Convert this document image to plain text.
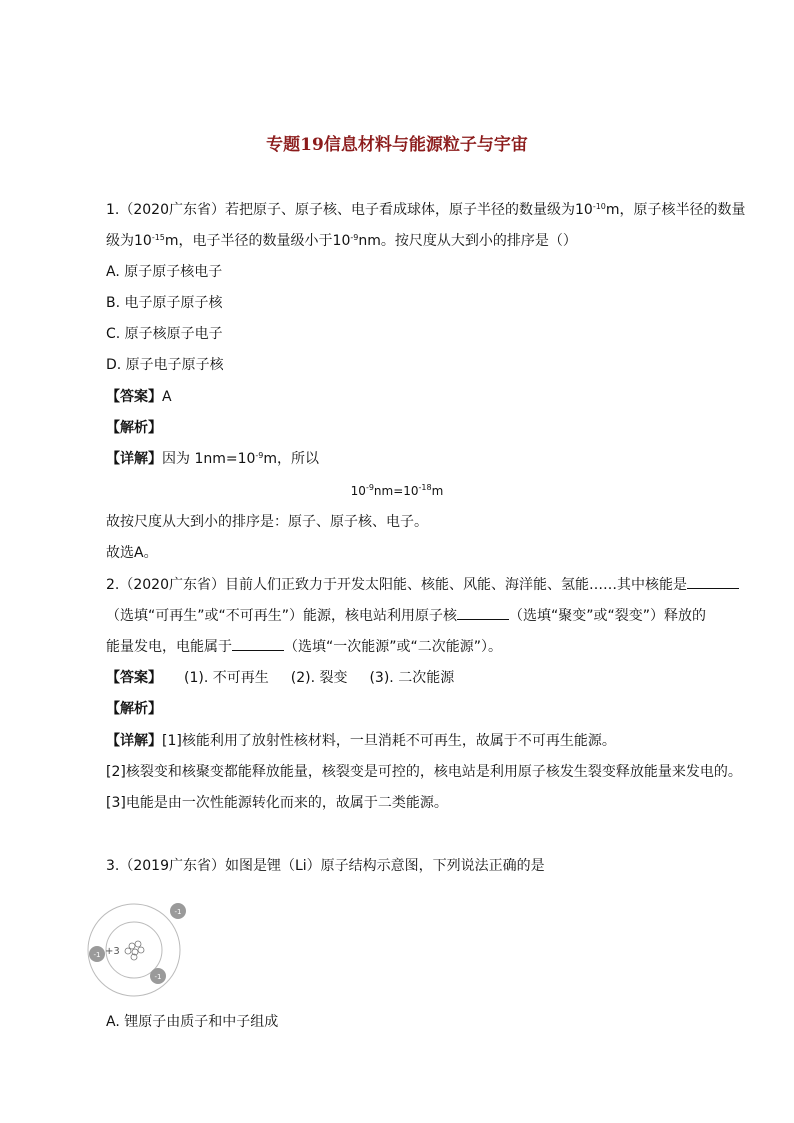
专题19信息材料与能源粒子与宇宙
1.（2020广东省）若把原子、原子核、电子看成球体，原子半径的数量级为$10^{-10}m$，原子核半径的数量
级为$10^{-15}m$，电子半径的数量级小于$10^{-9}nm$。按尺度从大到小的排序是（）
A. 原子原子核电子
B. 电子原子原子核
C. 原子核原子电子
D. 原子电子原子核
【答案】A
【解析】
【详解】因为 $1nm=10^{-9}m$，所以
$10^{-9}nm=10^{-18}m$
故按尺度从大到小的排序是：原子、原子核、电子。
故选A。
2.（2020广东省）目前人们正致力于开发太阳能、核能、风能、海洋能、氢能……其中核能是
（选填“可再生”或“不可再生”）能源，核电站利用原子核	（选填“聚变”或“裂变”）释放的
能量发电，电能属于	（选填“一次能源”或“二次能源”）。
【答案】 (1). 不可再生 (2). 裂变 (3). 二次能源
【解析】
【详解】[1]核能利用了放射性核材料，一旦消耗不可再生，故属于不可再生能源。
[2]核裂变和核聚变都能释放能量，核裂变是可控的，核电站是利用原子核发生裂变释放能量来发电的。
[3]电能是由一次性能源转化而来的，故属于二类能源。
3.（2019广东省）如图是锂（Li）原子结构示意图，下列说法正确的是
+3
-1
-1
-1
A. 锂原子由质子和中子组成
